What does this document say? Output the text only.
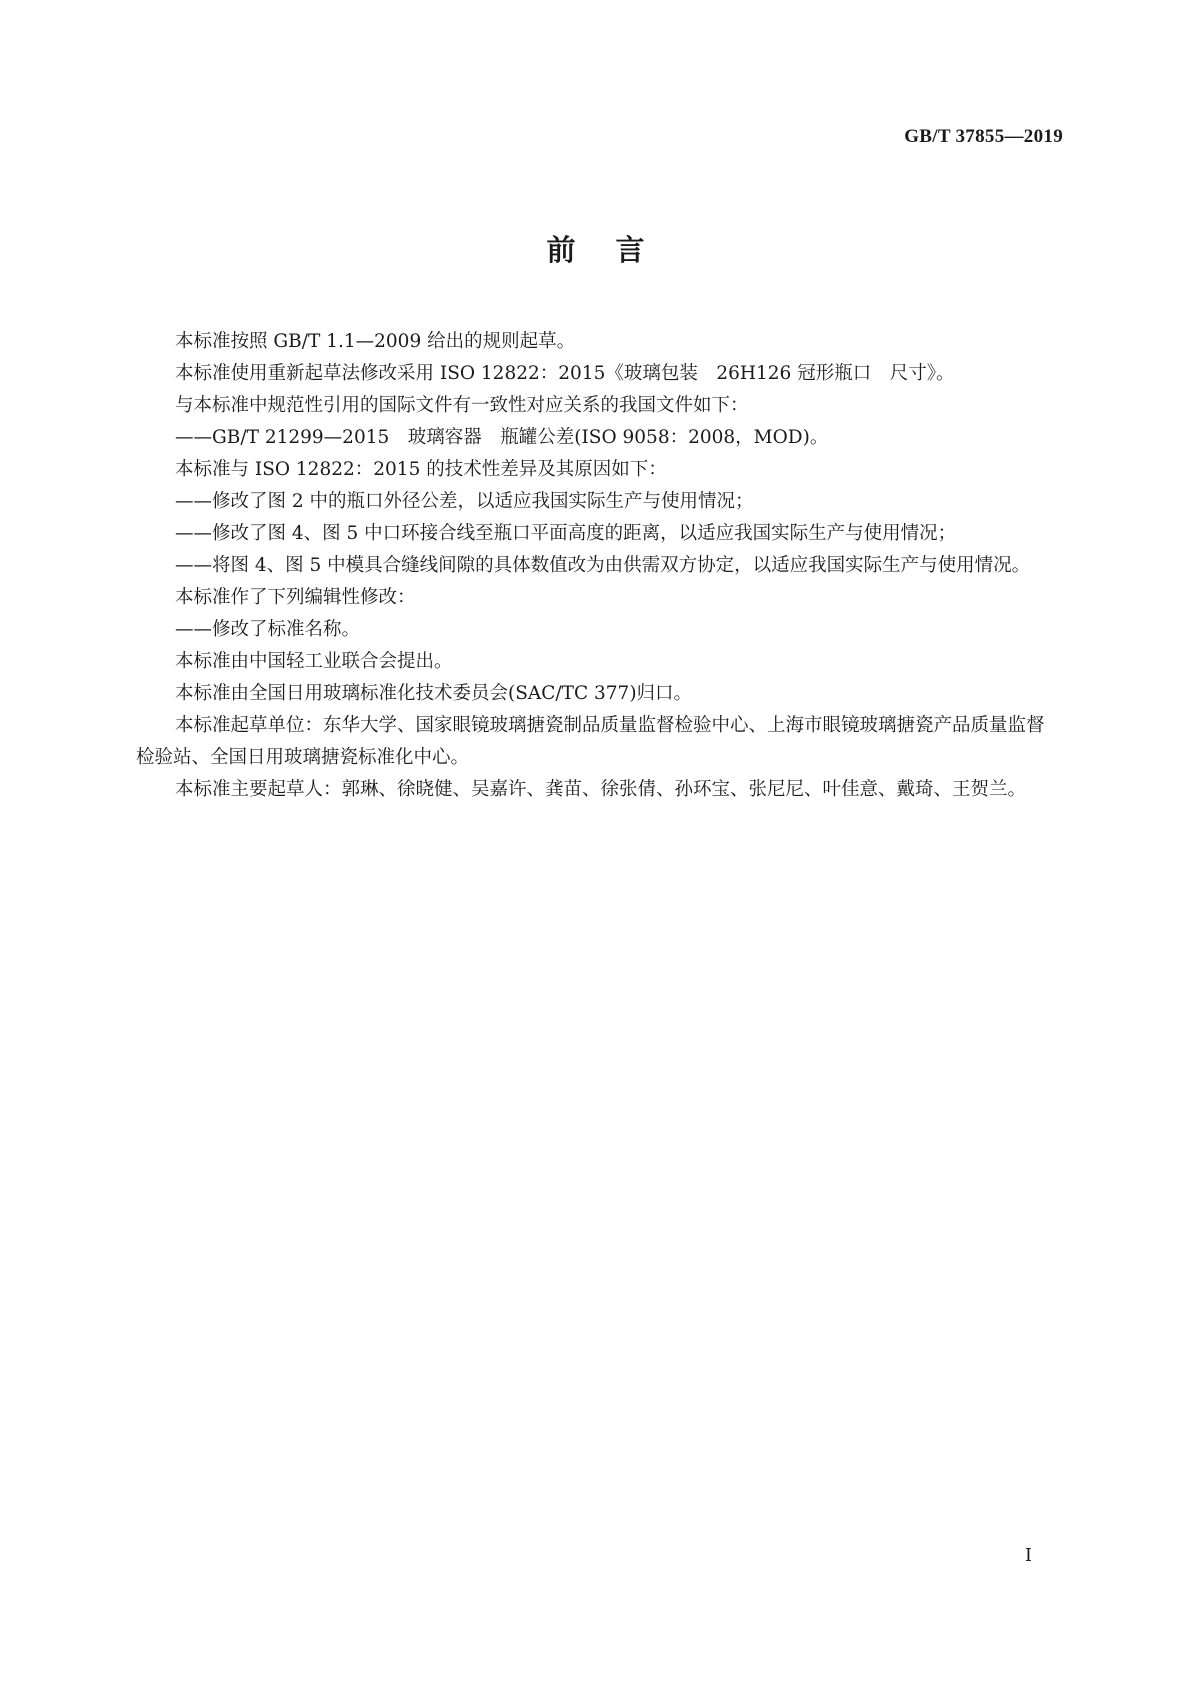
GB/T 37855—2019
前言

本标准按照 GB/T 1.1—2009 给出的规则起草。

本标准使用重新起草法修改采用 ISO 12822：2015《玻璃包装　26H126 冠形瓶口　尺寸》。

与本标准中规范性引用的国际文件有一致性对应关系的我国文件如下：

——GB/T 21299—2015　玻璃容器　瓶罐公差(ISO 9058：2008，MOD)。

本标准与 ISO 12822：2015 的技术性差异及其原因如下：

——修改了图 2 中的瓶口外径公差，以适应我国实际生产与使用情况；

——修改了图 4、图 5 中口环接合线至瓶口平面高度的距离，以适应我国实际生产与使用情况；

——将图 4、图 5 中模具合缝线间隙的具体数值改为由供需双方协定，以适应我国实际生产与使用情况。

本标准作了下列编辑性修改：

——修改了标准名称。

本标准由中国轻工业联合会提出。

本标准由全国日用玻璃标准化技术委员会(SAC/TC 377)归口。

本标准起草单位：东华大学、国家眼镜玻璃搪瓷制品质量监督检验中心、上海市眼镜玻璃搪瓷产品质量监督检验站、全国日用玻璃搪瓷标准化中心。

本标准主要起草人：郭琳、徐晓健、吴嘉许、龚苗、徐张倩、孙环宝、张尼尼、叶佳意、戴琦、王贺兰。

I
